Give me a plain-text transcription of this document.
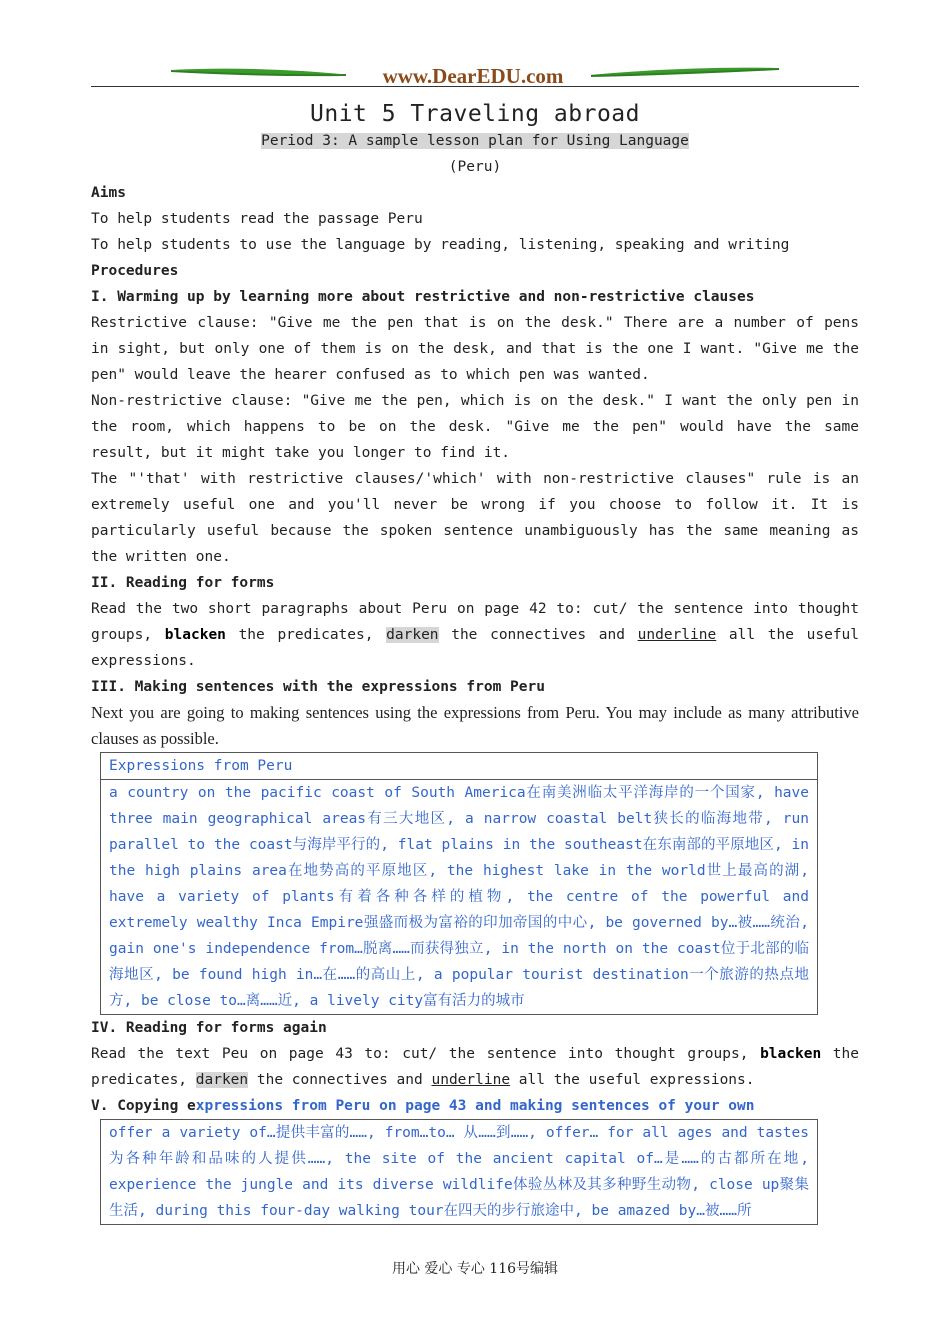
www.DearEDU.com
Unit 5 Traveling abroad
Period 3: A sample lesson plan for Using Language
(Peru)
Aims
To help students read the passage Peru
To help students to use the language by reading, listening, speaking and writing
Procedures
I. Warming up by learning more about restrictive and non-restrictive clauses
Restrictive clause: "Give me the pen that is on the desk." There are a number of pens in sight, but only one of them is on the desk, and that is the one I want. "Give me the pen" would leave the hearer confused as to which pen was wanted.
Non-restrictive clause: "Give me the pen, which is on the desk." I want the only pen in the room, which happens to be on the desk. "Give me the pen" would have the same result, but it might take you longer to find it.
The "'that' with restrictive clauses/'which' with non-restrictive clauses" rule is an extremely useful one and you'll never be wrong if you choose to follow it. It is particularly useful because the spoken sentence unambiguously has the same meaning as the written one.
II. Reading for forms
Read the two short paragraphs about Peru on page 42 to: cut/ the sentence into thought groups, blacken the predicates, darken the connectives and underline all the useful expressions.
III. Making sentences with the expressions from Peru
Next you are going to making sentences using the expressions from Peru. You may include as many attributive clauses as possible.
Expressions from Peru
a country on the pacific coast of South America在南美洲临太平洋海岸的一个国家, have three main geographical areas有三大地区, a narrow coastal belt狭长的临海地带, run parallel to the coast与海岸平行的, flat plains in the southeast在东南部的平原地区, in the high plains area在地势高的平原地区, the highest lake in the world世上最高的湖, have a variety of plants有着各种各样的植物, the centre of the powerful and extremely wealthy Inca Empire强盛而极为富裕的印加帝国的中心, be governed by…被……统治, gain one's independence from…脱离……而获得独立, in the north on the coast位于北部的临海地区, be found high in…在……的高山上, a popular tourist destination一个旅游的热点地方, be close to…离……近, a lively city富有活力的城市
IV. Reading for forms again
Read the text Peu on page 43 to: cut/ the sentence into thought groups, blacken the predicates, darken the connectives and underline all the useful expressions.
V. Copying expressions from Peru on page 43 and making sentences of your own
offer a variety of…提供丰富的……, from…to… 从……到……, offer… for all ages and tastes为各种年龄和品味的人提供……, the site of the ancient capital of…是……的古都所在地, experience the jungle and its diverse wildlife体验丛林及其多种野生动物, close up聚集生活, during this four-day walking tour在四天的步行旅途中, be amazed by…被……所
用心 爱心 专心 116号编辑
